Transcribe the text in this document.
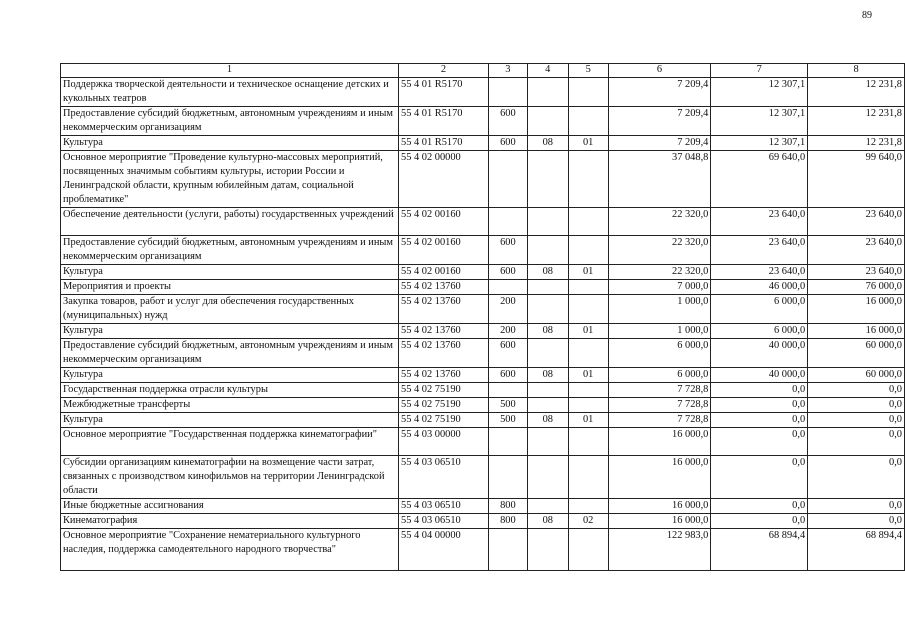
89
1	2	3	4	5	6	7	8
Поддержка творческой деятельности и техническое оснащение детских и кукольных театров	55 4 01 R5170				7 209,4	12 307,1	12 231,8
Предоставление субсидий бюджетным, автономным учреждениям и иным некоммерческим организациям	55 4 01 R5170	600			7 209,4	12 307,1	12 231,8
Культура	55 4 01 R5170	600	08	01	7 209,4	12 307,1	12 231,8
Основное мероприятие "Проведение культурно-массовых мероприятий, посвященных значимым событиям культуры, истории России и Ленинградской области, крупным юбилейным датам, социальной проблематике"	55 4 02 00000				37 048,8	69 640,0	99 640,0
Обеспечение деятельности (услуги, работы) государственных учреждений	55 4 02 00160				22 320,0	23 640,0	23 640,0
Предоставление субсидий бюджетным, автономным учреждениям и иным некоммерческим организациям	55 4 02 00160	600			22 320,0	23 640,0	23 640,0
Культура	55 4 02 00160	600	08	01	22 320,0	23 640,0	23 640,0
Мероприятия и проекты	55 4 02 13760				7 000,0	46 000,0	76 000,0
Закупка товаров, работ и услуг для обеспечения государственных (муниципальных) нужд	55 4 02 13760	200			1 000,0	6 000,0	16 000,0
Культура	55 4 02 13760	200	08	01	1 000,0	6 000,0	16 000,0
Предоставление субсидий бюджетным, автономным учреждениям и иным некоммерческим организациям	55 4 02 13760	600			6 000,0	40 000,0	60 000,0
Культура	55 4 02 13760	600	08	01	6 000,0	40 000,0	60 000,0
Государственная поддержка отрасли культуры	55 4 02 75190				7 728,8	0,0	0,0
Межбюджетные трансферты	55 4 02 75190	500			7 728,8	0,0	0,0
Культура	55 4 02 75190	500	08	01	7 728,8	0,0	0,0
Основное мероприятие "Государственная поддержка кинематографии"	55 4 03 00000				16 000,0	0,0	0,0
Субсидии организациям кинематографии на возмещение части затрат, связанных с производством кинофильмов на территории Ленинградской области	55 4 03 06510				16 000,0	0,0	0,0
Иные бюджетные ассигнования	55 4 03 06510	800			16 000,0	0,0	0,0
Кинематография	55 4 03 06510	800	08	02	16 000,0	0,0	0,0
Основное мероприятие "Сохранение нематериального культурного наследия, поддержка самодеятельного народного творчества"	55 4 04 00000				122 983,0	68 894,4	68 894,4
